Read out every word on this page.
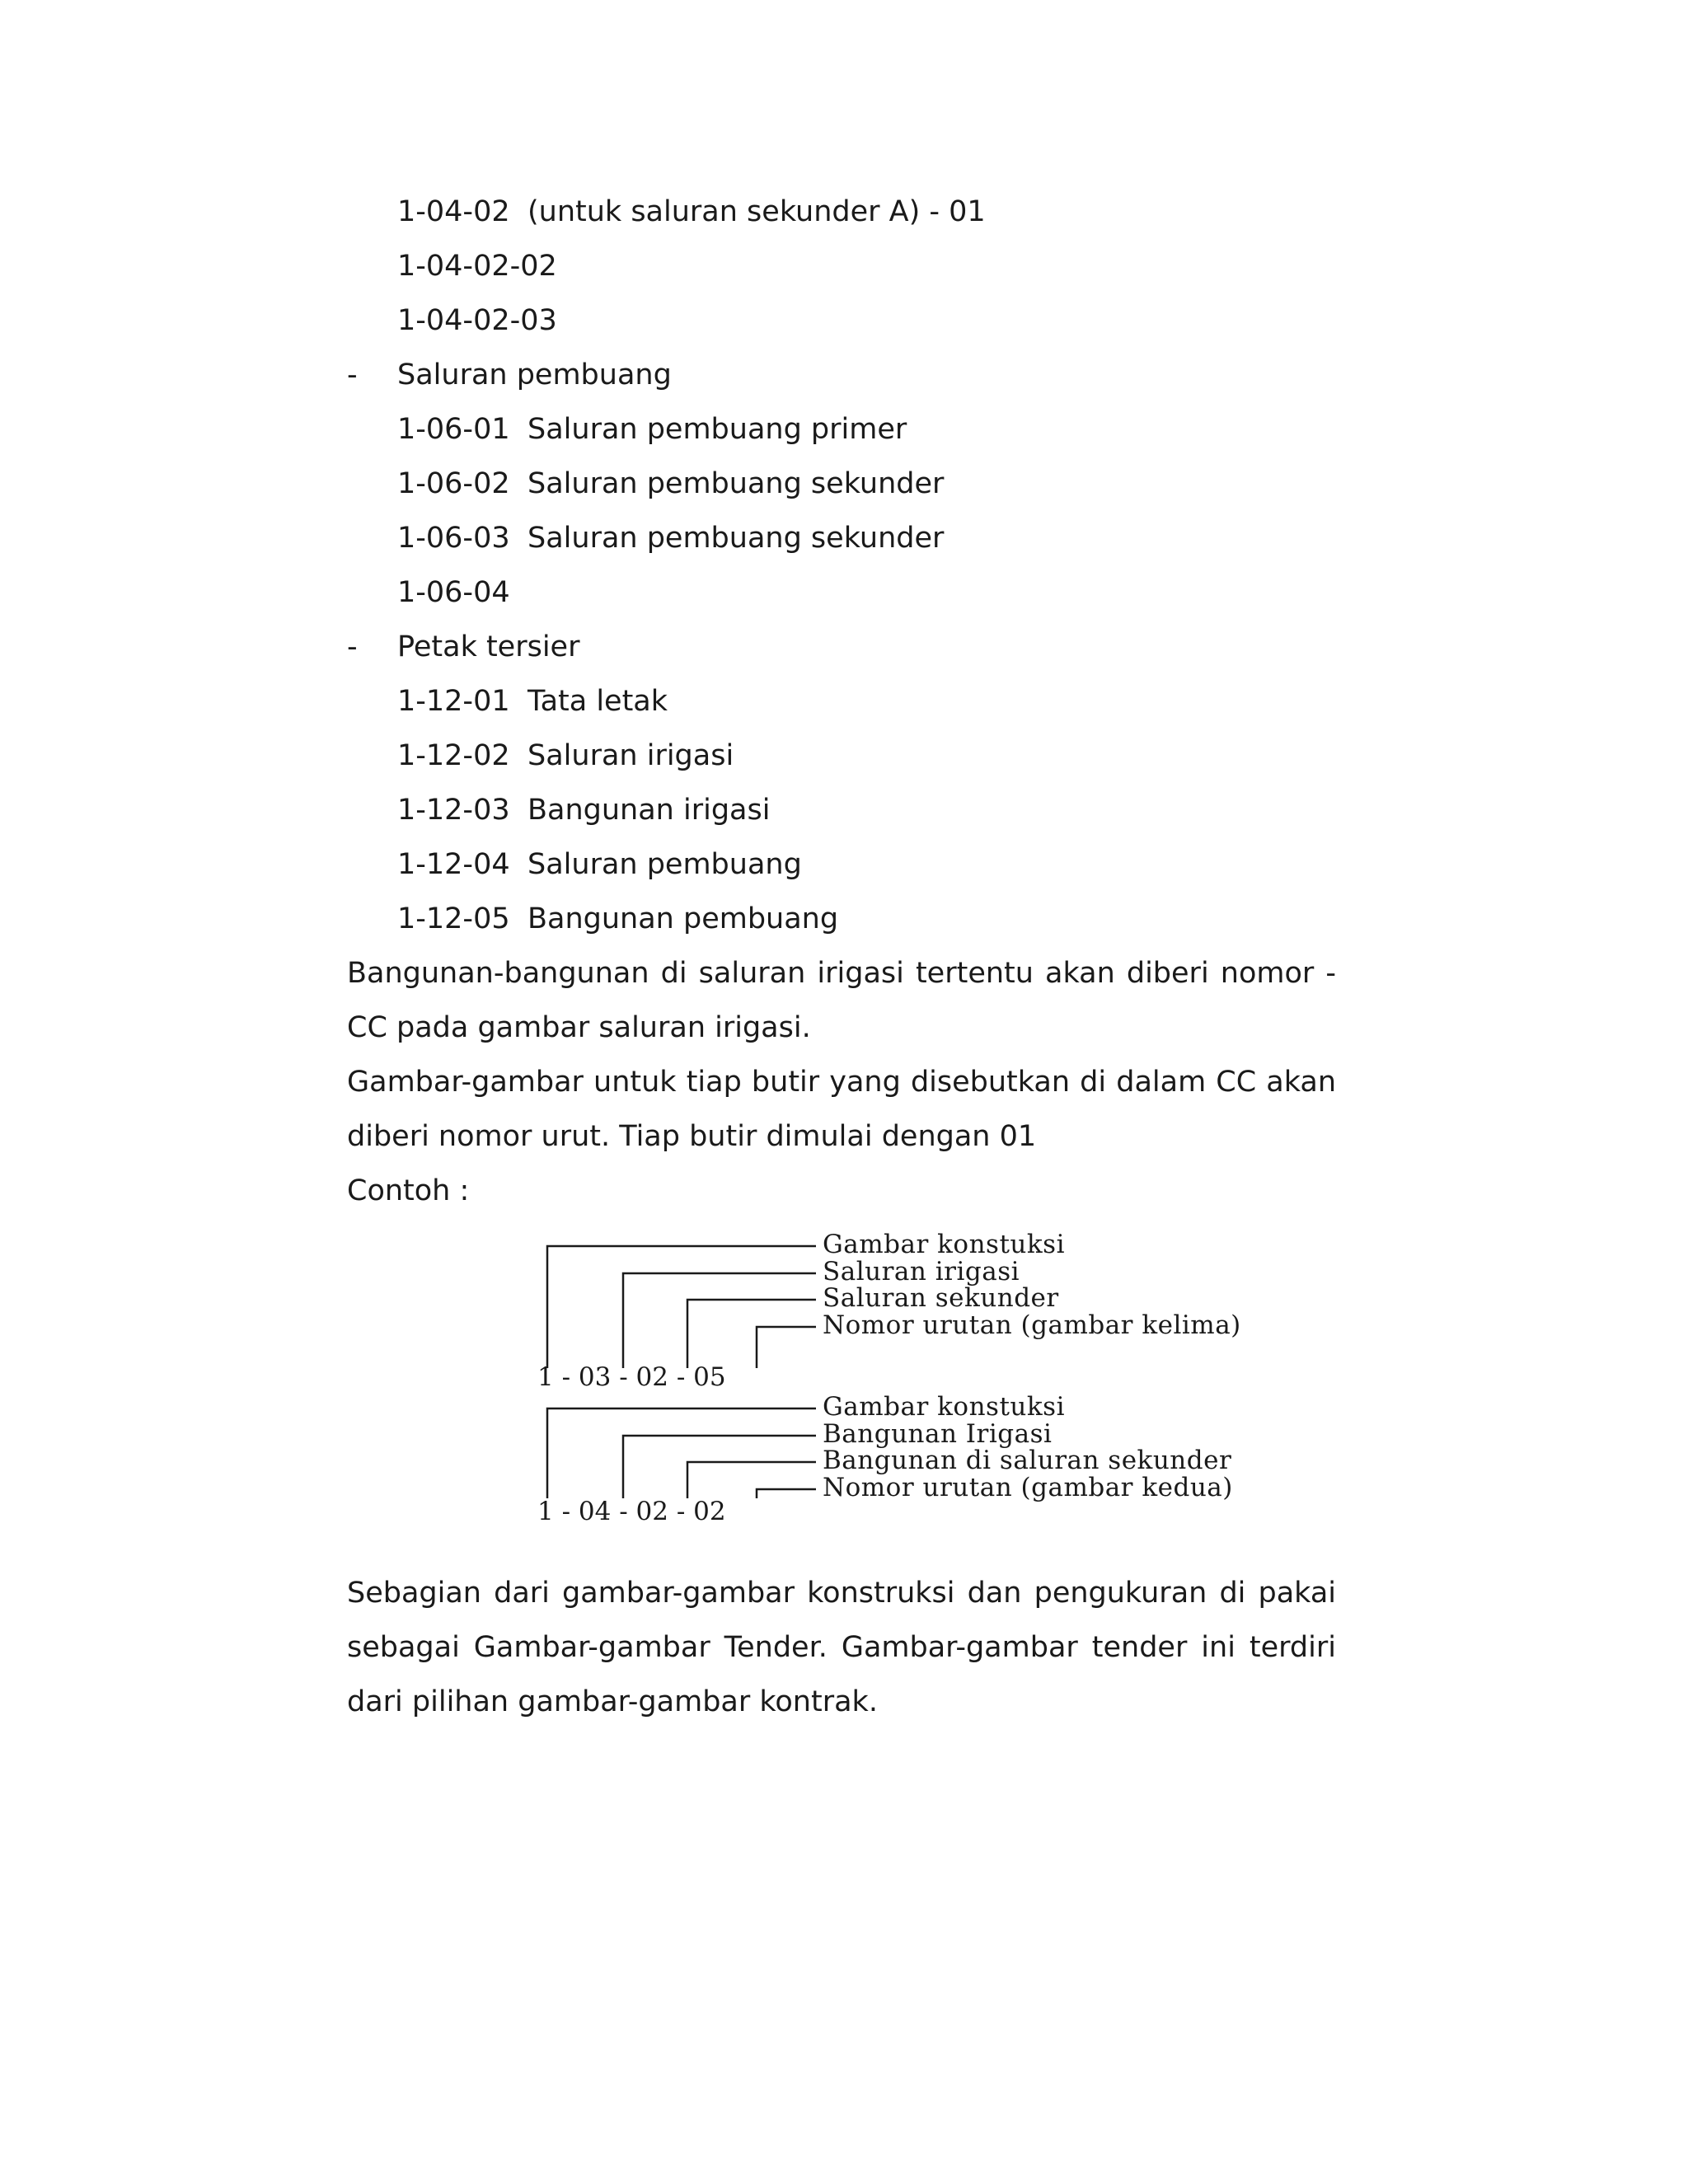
1-04-02 (untuk saluran sekunder A) - 01
1-04-02-02
1-04-02-03
- Saluran pembuang
1-06-01 Saluran pembuang primer
1-06-02 Saluran pembuang sekunder
1-06-03 Saluran pembuang sekunder
1-06-04
- Petak tersier
1-12-01 Tata letak
1-12-02 Saluran irigasi
1-12-03 Bangunan irigasi
1-12-04 Saluran pembuang
1-12-05 Bangunan pembuang
Bangunan-bangunan di saluran irigasi tertentu akan diberi nomor - CC pada gambar saluran irigasi.
Gambar-gambar untuk tiap butir yang disebutkan di dalam CC akan diberi nomor urut. Tiap butir dimulai dengan 01
Contoh :
Gambar konstuksi
Saluran irigasi
Saluran sekunder
Nomor urutan (gambar kelima)
1 - 03 - 02 - 05
Gambar konstuksi
Bangunan Irigasi
Bangunan di saluran sekunder
Nomor urutan (gambar kedua)
1 - 04 - 02 - 02
Sebagian dari gambar-gambar konstruksi dan pengukuran di pakai sebagai Gambar-gambar Tender. Gambar-gambar tender ini terdiri dari pilihan gambar-gambar kontrak.
